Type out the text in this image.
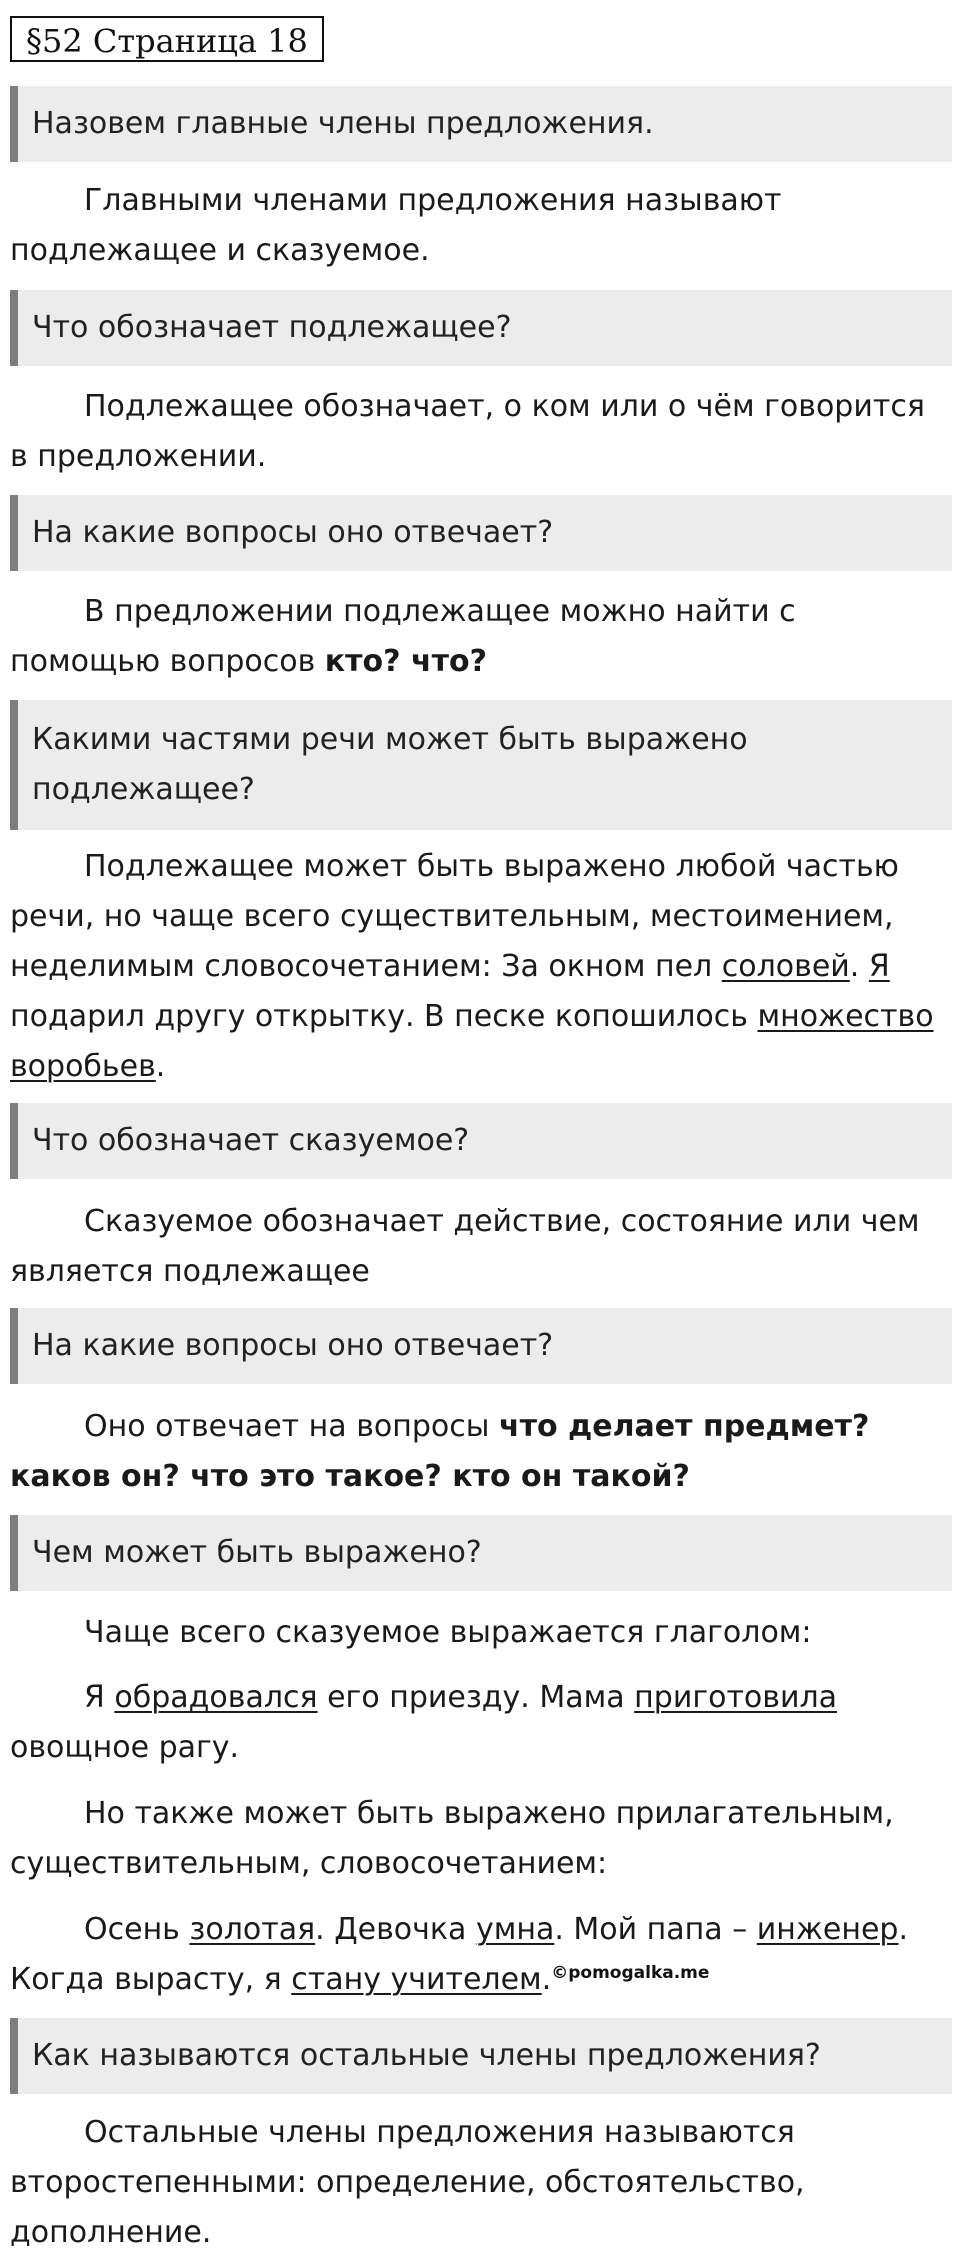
§52 Страница 18
Назовем главные члены предложения.

Главными членами предложения называют подлежащее и сказуемое.

Что обозначает подлежащее?

Подлежащее обозначает, о ком или о чём говорится в предложении.

На какие вопросы оно отвечает?

В предложении подлежащее можно найти с помощью вопросов кто? что?

Какими частями речи может быть выражено подлежащее?

Подлежащее может быть выражено любой частью речи, но чаще всего существительным, местоимением, неделимым словосочетанием: За окном пел соловей. Я подарил другу открытку. В песке копошилось множество воробьев.

Что обозначает сказуемое?

Сказуемое обозначает действие, состояние или чем является подлежащее

На какие вопросы оно отвечает?

Оно отвечает на вопросы что делает предмет? каков он? что это такое? кто он такой?

Чем может быть выражено?

Чаще всего сказуемое выражается глаголом:

Я обрадовался его приезду. Мама приготовила овощное рагу.

Но также может быть выражено прилагательным, существительным, словосочетанием:

Осень золотая. Девочка умна. Мой папа – инженер. Когда вырасту, я стану учителем.$^{©pomogalka.me}$

Как называются остальные члены предложения?

Остальные члены предложения называются второстепенными: определение, обстоятельство, дополнение.
